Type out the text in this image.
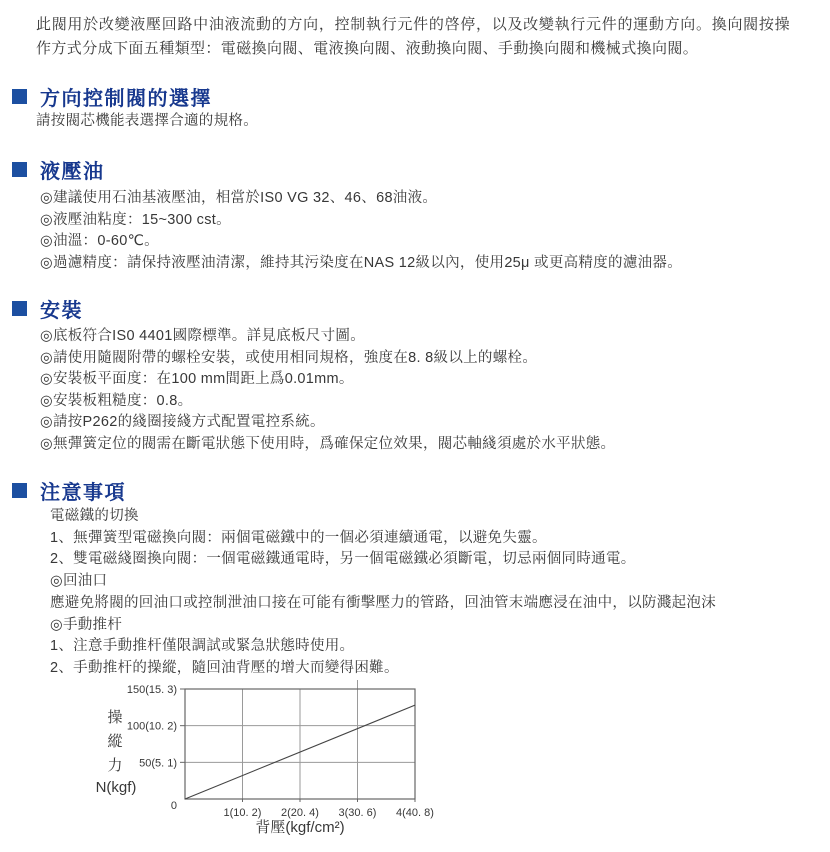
此閥用於改變液壓回路中油液流動的方向，控制執行元件的啓停，以及改變執行元件的運動方向。換向閥按操作方式分成下面五種類型：電磁換向閥、電液換向閥、液動換向閥、手動換向閥和機械式換向閥。

方向控制閥的選擇

請按閥芯機能表選擇合適的規格。

液壓油
◎建議使用石油基液壓油，相當於IS0 VG 32、46、68油液。
◎液壓油粘度：15~300 cst。
◎油溫：0-60℃。
◎過濾精度：請保持液壓油清潔，維持其污染度在NAS 12級以內，使用25μ 或更高精度的濾油器。
安裝
◎底板符合IS0 4401國際標準。詳見底板尺寸圖。
◎請使用隨閥附帶的螺栓安裝，或使用相同規格，強度在8. 8級以上的螺栓。
◎安裝板平面度：在100 mm間距上爲0.01mm。
◎安裝板粗糙度：0.8。
◎請按P262的綫圈接綫方式配置電控系統。
◎無彈簧定位的閥需在斷電狀態下使用時，爲確保定位效果，閥芯軸綫須處於水平狀態。
注意事項
電磁鐵的切換
1、無彈簧型電磁換向閥：兩個電磁鐵中的一個必須連續通電，以避免失靈。
2、雙電磁綫圈換向閥：一個電磁鐵通電時，另一個電磁鐵必須斷電，切忌兩個同時通電。
◎回油口
應避免將閥的回油口或控制泄油口接在可能有衝擊壓力的管路，回油管末端應浸在油中，以防濺起泡沫
◎手動推杆
1、注意手動推杆僅限調試或緊急狀態時使用。
2、手動推杆的操縱，隨回油背壓的增大而變得困難。
1(10. 2) 2(20. 4) 3(30. 6) 4(40. 8)
50(5. 1)
100(10. 2)
150(15. 3)
0
操
縱
力
N(kgf)
背壓(kgf/cm²)
